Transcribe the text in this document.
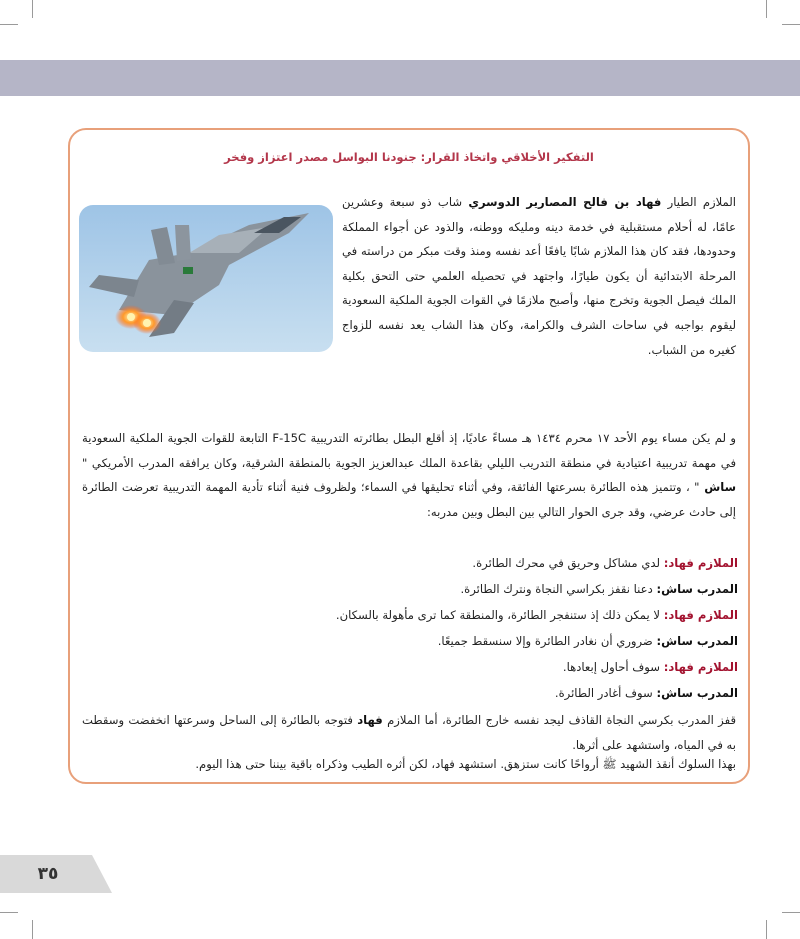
التفكير الأخلاقي واتخاذ القرار: جنودنا البواسل مصدر اعتزاز وفخر
الملازم الطيار فهاد بن فالح المصارير الدوسري شاب ذو سبعة وعشرين عامًا، له أحلام مستقبلية في خدمة دينه ومليكه ووطنه، والذود عن أجواء المملكة وحدودها، فقد كان هذا الملازم شابًا يافعًا أعد نفسه ومنذ وقت مبكر من دراسته في المرحلة الابتدائية أن يكون طيارًا، واجتهد في تحصيله العلمي حتى التحق بكلية الملك فيصل الجوية وتخرج منها، وأصبح ملازمًا في القوات الجوية الملكية السعودية ليقوم بواجبه في ساحات الشرف والكرامة، وكان هذا الشاب يعد نفسه للزواج كغيره من الشباب.
و لم يكن مساء يوم الأحد ١٧ محرم ١٤٣٤ هـ مساءً عاديًا، إذ أقلع البطل بطائرته التدريبية F-15C التابعة للقوات الجوية الملكية السعودية في مهمة تدريبية اعتيادية في منطقة التدريب الليلي بقاعدة الملك عبدالعزيز الجوية بالمنطقة الشرقية، وكان يرافقه المدرب الأمريكي " ساش " ، وتتميز هذه الطائرة بسرعتها الفائقة، وفي أثناء تحليقها في السماء؛ ولظروف فنية أثناء تأدية المهمة التدريبية تعرضت الطائرة إلى حادث عرضي، وقد جرى الحوار التالي بين البطل وبين مدربه:
الملازم فهاد: لدي مشاكل وحريق في محرك الطائرة.
المدرب ساش: دعنا نقفز بكراسي النجاة ونترك الطائرة.
الملازم فهاد: لا يمكن ذلك إذ ستنفجر الطائرة، والمنطقة كما ترى مأهولة بالسكان.
المدرب ساش: ضروري أن نغادر الطائرة وإلا سنسقط جميعًا.
الملازم فهاد: سوف أحاول إبعادها.
المدرب ساش: سوف أغادر الطائرة.
قفز المدرب بكرسي النجاة القاذف ليجد نفسه خارج الطائرة، أما الملازم فهاد فتوجه بالطائرة إلى الساحل وسرعتها انخفضت وسقطت به في المياه، واستشهد على أثرها.
بهذا السلوك أنقذ الشهيد ﷺ أرواحًا كانت ستزهق. استشهد فهاد، لكن أثره الطيب وذكراه باقية بيننا حتى هذا اليوم.
٣٥
